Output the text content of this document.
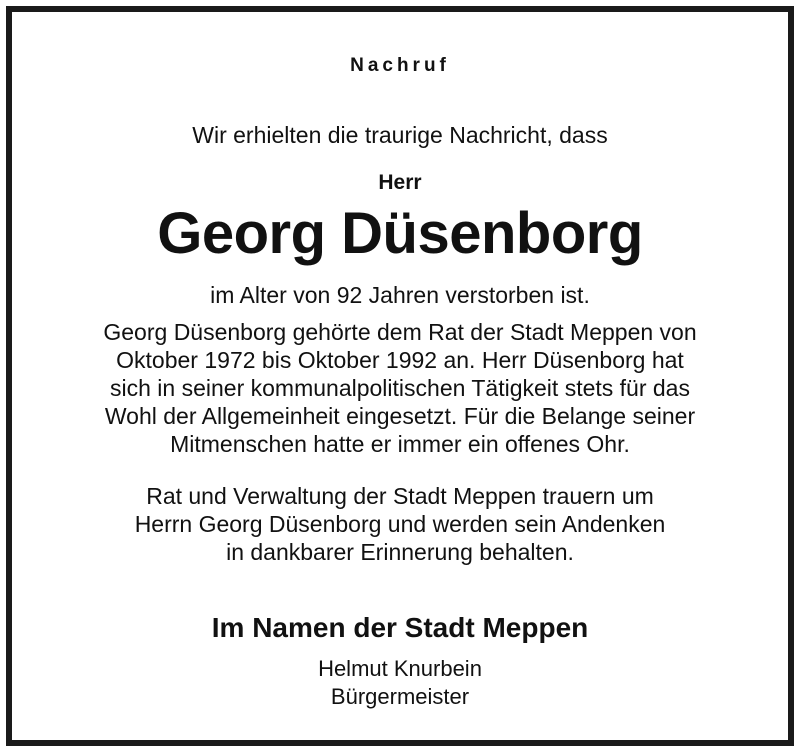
Nachruf
Wir erhielten die traurige Nachricht, dass
Herr
Georg Düsenborg
im Alter von 92 Jahren verstorben ist.
Georg Düsenborg gehörte dem Rat der Stadt Meppen von
Oktober 1972 bis Oktober 1992 an. Herr Düsenborg hat
sich in seiner kommunalpolitischen Tätigkeit stets für das
Wohl der Allgemeinheit eingesetzt. Für die Belange seiner
Mitmenschen hatte er immer ein offenes Ohr.
Rat und Verwaltung der Stadt Meppen trauern um
Herrn Georg Düsenborg und werden sein Andenken
in dankbarer Erinnerung behalten.
Im Namen der Stadt Meppen
Helmut Knurbein
Bürgermeister
